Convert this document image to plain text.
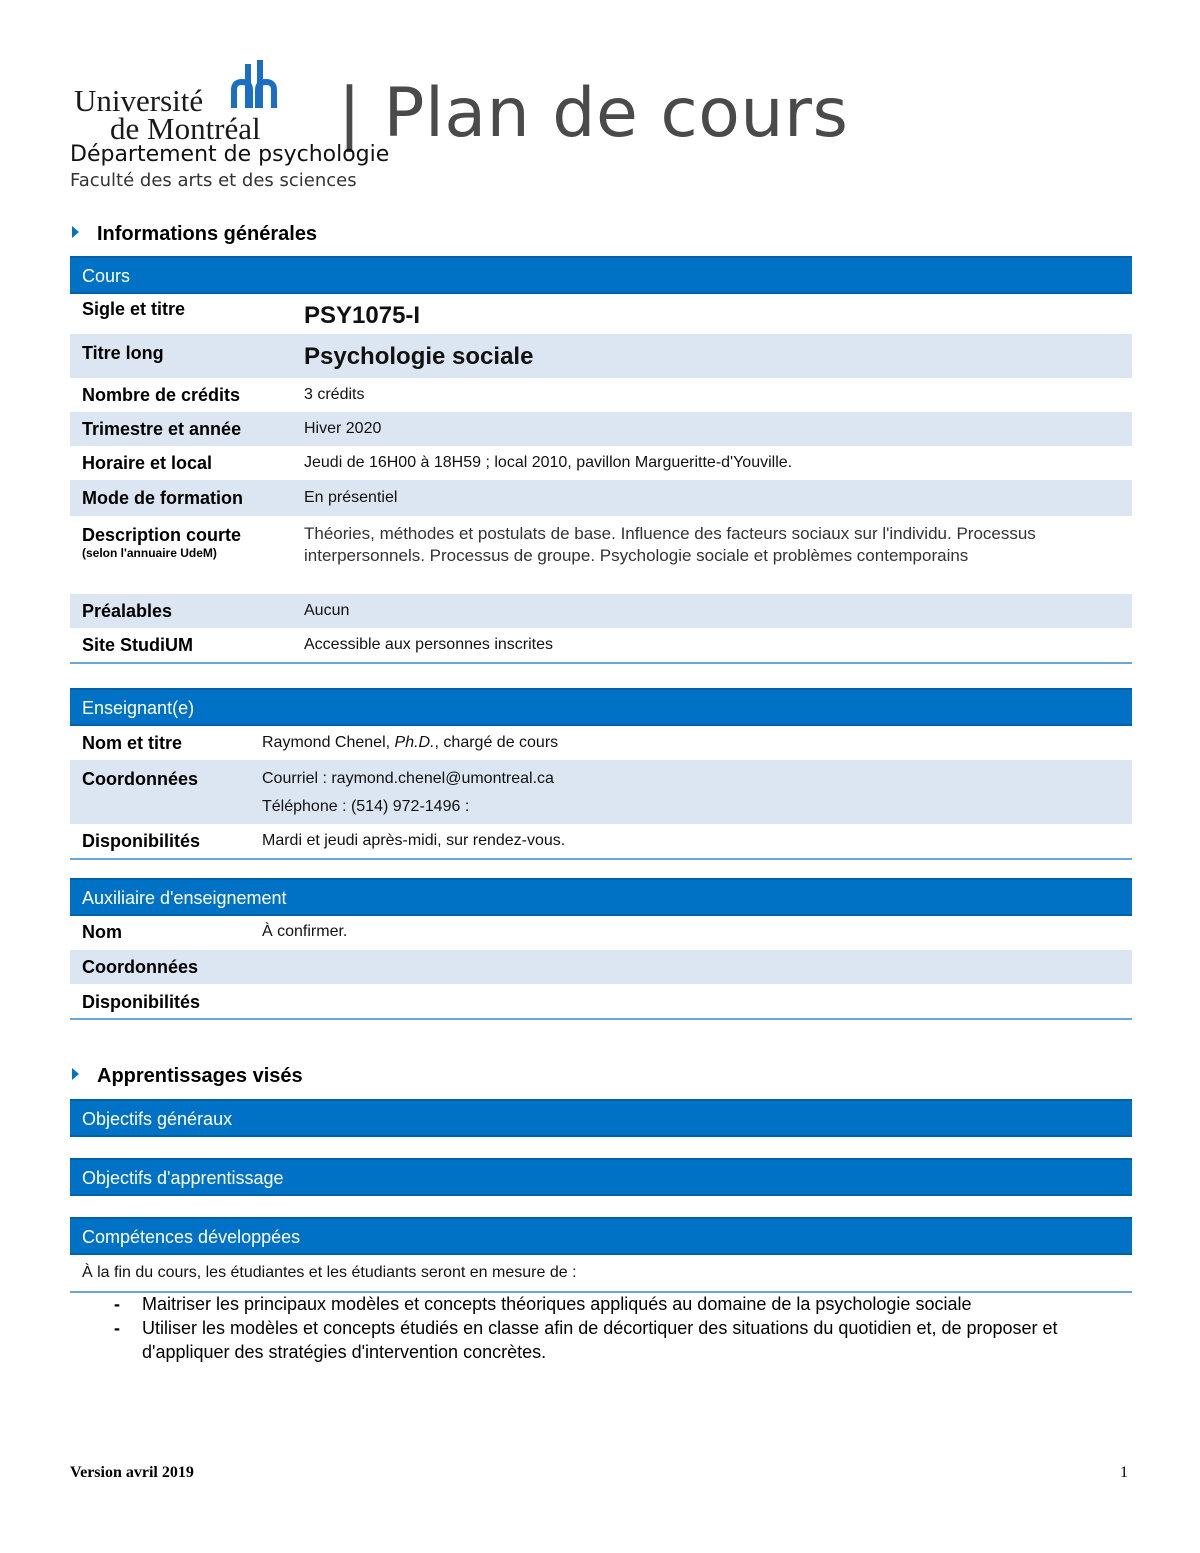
Université
de Montréal | Plan de cours
Département de psychologie
Faculté des arts et des sciences
Informations générales
Cours
Sigle et titre	PSY1075-I
Titre long	Psychologie sociale
Nombre de crédits	3 crédits
Trimestre et année	Hiver 2020
Horaire et local	Jeudi de 16H00 à 18H59 ; local 2010, pavillon Margueritte-d'Youville.
Mode de formation	En présentiel
Description courte
(selon l'annuaire UdeM)
Théories, méthodes et postulats de base. Influence des facteurs sociaux sur l'individu. Processus interpersonnels. Processus de groupe. Psychologie sociale et problèmes contemporains
Préalables	Aucun
Site StudiUM	Accessible aux personnes inscrites
Enseignant(e)
Nom et titre	Raymond Chenel, Ph.D., chargé de cours
Coordonnées	Courriel : raymond.chenel@umontreal.ca
Téléphone : (514) 972-1496 :
Disponibilités	Mardi et jeudi après-midi, sur rendez-vous.
Auxiliaire d'enseignement
Nom	À confirmer.
Coordonnées
Disponibilités
Apprentissages visés
Objectifs généraux
Objectifs d'apprentissage
Compétences développées
À la fin du cours, les étudiantes et les étudiants seront en mesure de :
- Maitriser les principaux modèles et concepts théoriques appliqués au domaine de la psychologie sociale
- Utiliser les modèles et concepts étudiés en classe afin de décortiquer des situations du quotidien et, de proposer et d'appliquer des stratégies d'intervention concrètes.
Version avril 2019	1
